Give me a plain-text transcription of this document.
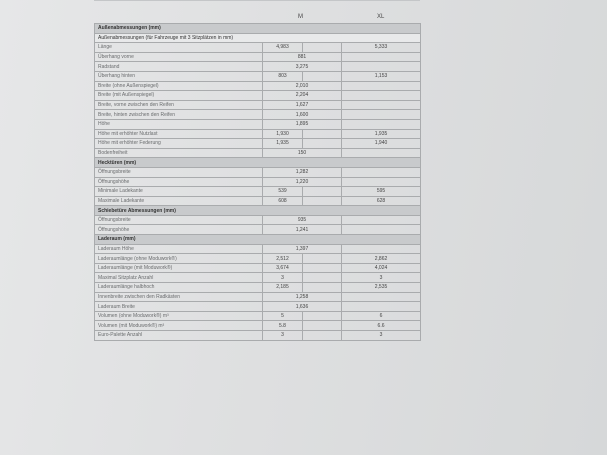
M	XL
Außenabmessungen (mm)			
Außenabmessungen (für Fahrzeuge mit 3 Sitzplätzen in mm)			
Länge	4,983		5,333
Überhang vorne	881		
Radstand	3,275		
Überhang hinten	803		1,153
Breite (ohne Außenspiegel)	2,010		
Breite (mit Außenspiegel)	2,204		
Breite, vorne zwischen den Reifen	1,627		
Breite, hinten zwischen den Reifen	1,600		
Höhe	1,895		
Höhe mit erhöhter Nutzlast	1,930		1,935
Höhe mit erhöhter Federung	1,935		1,940
Bodenfreiheit	150		
Hecktüren (mm)			
Öffnungsbreite	1,282		
Öffnungshöhe	1,220		
Minimale Ladekante	539		595
Maximale Ladekante	608		628
Schiebetüre Abmessungen (mm)			
Öffnungsbreite	935		
Öffnungshöhe	1,241		
Laderaum (mm)			
Laderaum Höhe	1,397		
Laderaumlänge (ohne Moduwork®)	2,512		2,862
Laderaumlänge (mit Moduwork®)	3,674		4,024
Maximal Sitzplatz Anzahl	3		3
Laderaumlänge halbhoch	2,185		2,535
Innenbreite zwischen den Radkästen	1,258		
Laderaum Breite	1,636		
Volumen (ohne Moduwork®) m³	5		6
Volumen (mit Moduwork®) m³	5.8		6.6
Euro-Palette Anzahl	3		3
